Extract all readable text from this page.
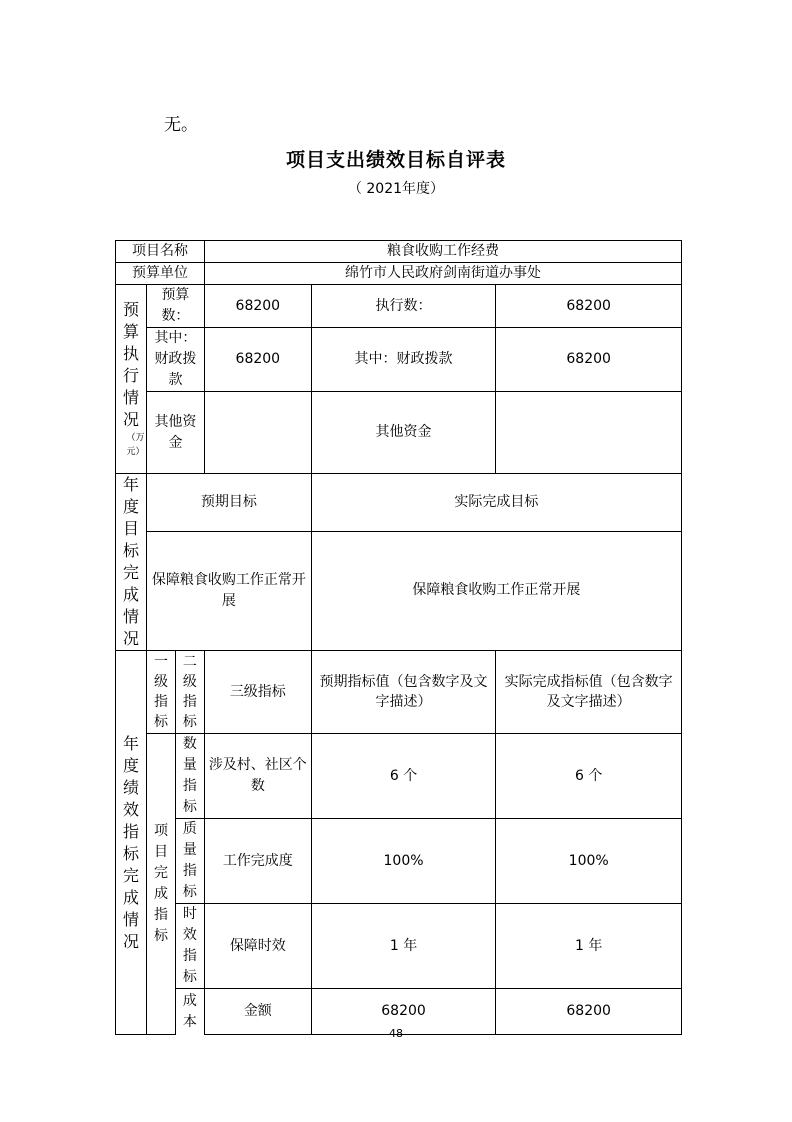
无。
项目支出绩效目标自评表
（ 2021年度）
项目名称			粮食收购工作经费		
预算单位			绵竹市人民政府剑南街道办事处		

预算执行情况
（万元）	预算数：		68200	执行数：	68200
	其中：财政拨款		68200	其中：财政拨款	68200
	其他资金			其他资金	

年度目标完成情况	预期目标			实际完成目标	
	保障粮食收购工作正常开展			保障粮食收购工作正常开展	

年度绩效指标完成情况	一级指标	二级指标	三级指标	预期指标值（包含数字及文字描述）	实际完成指标值（包含数字及文字描述）

	项目完成指标	数量指标	涉及村、社区个数	6 个	6 个

		质量指标	工作完成度	100%	100%

		时效指标	保障时效	1 年	1 年

		成本	金额	68200	68200
48
